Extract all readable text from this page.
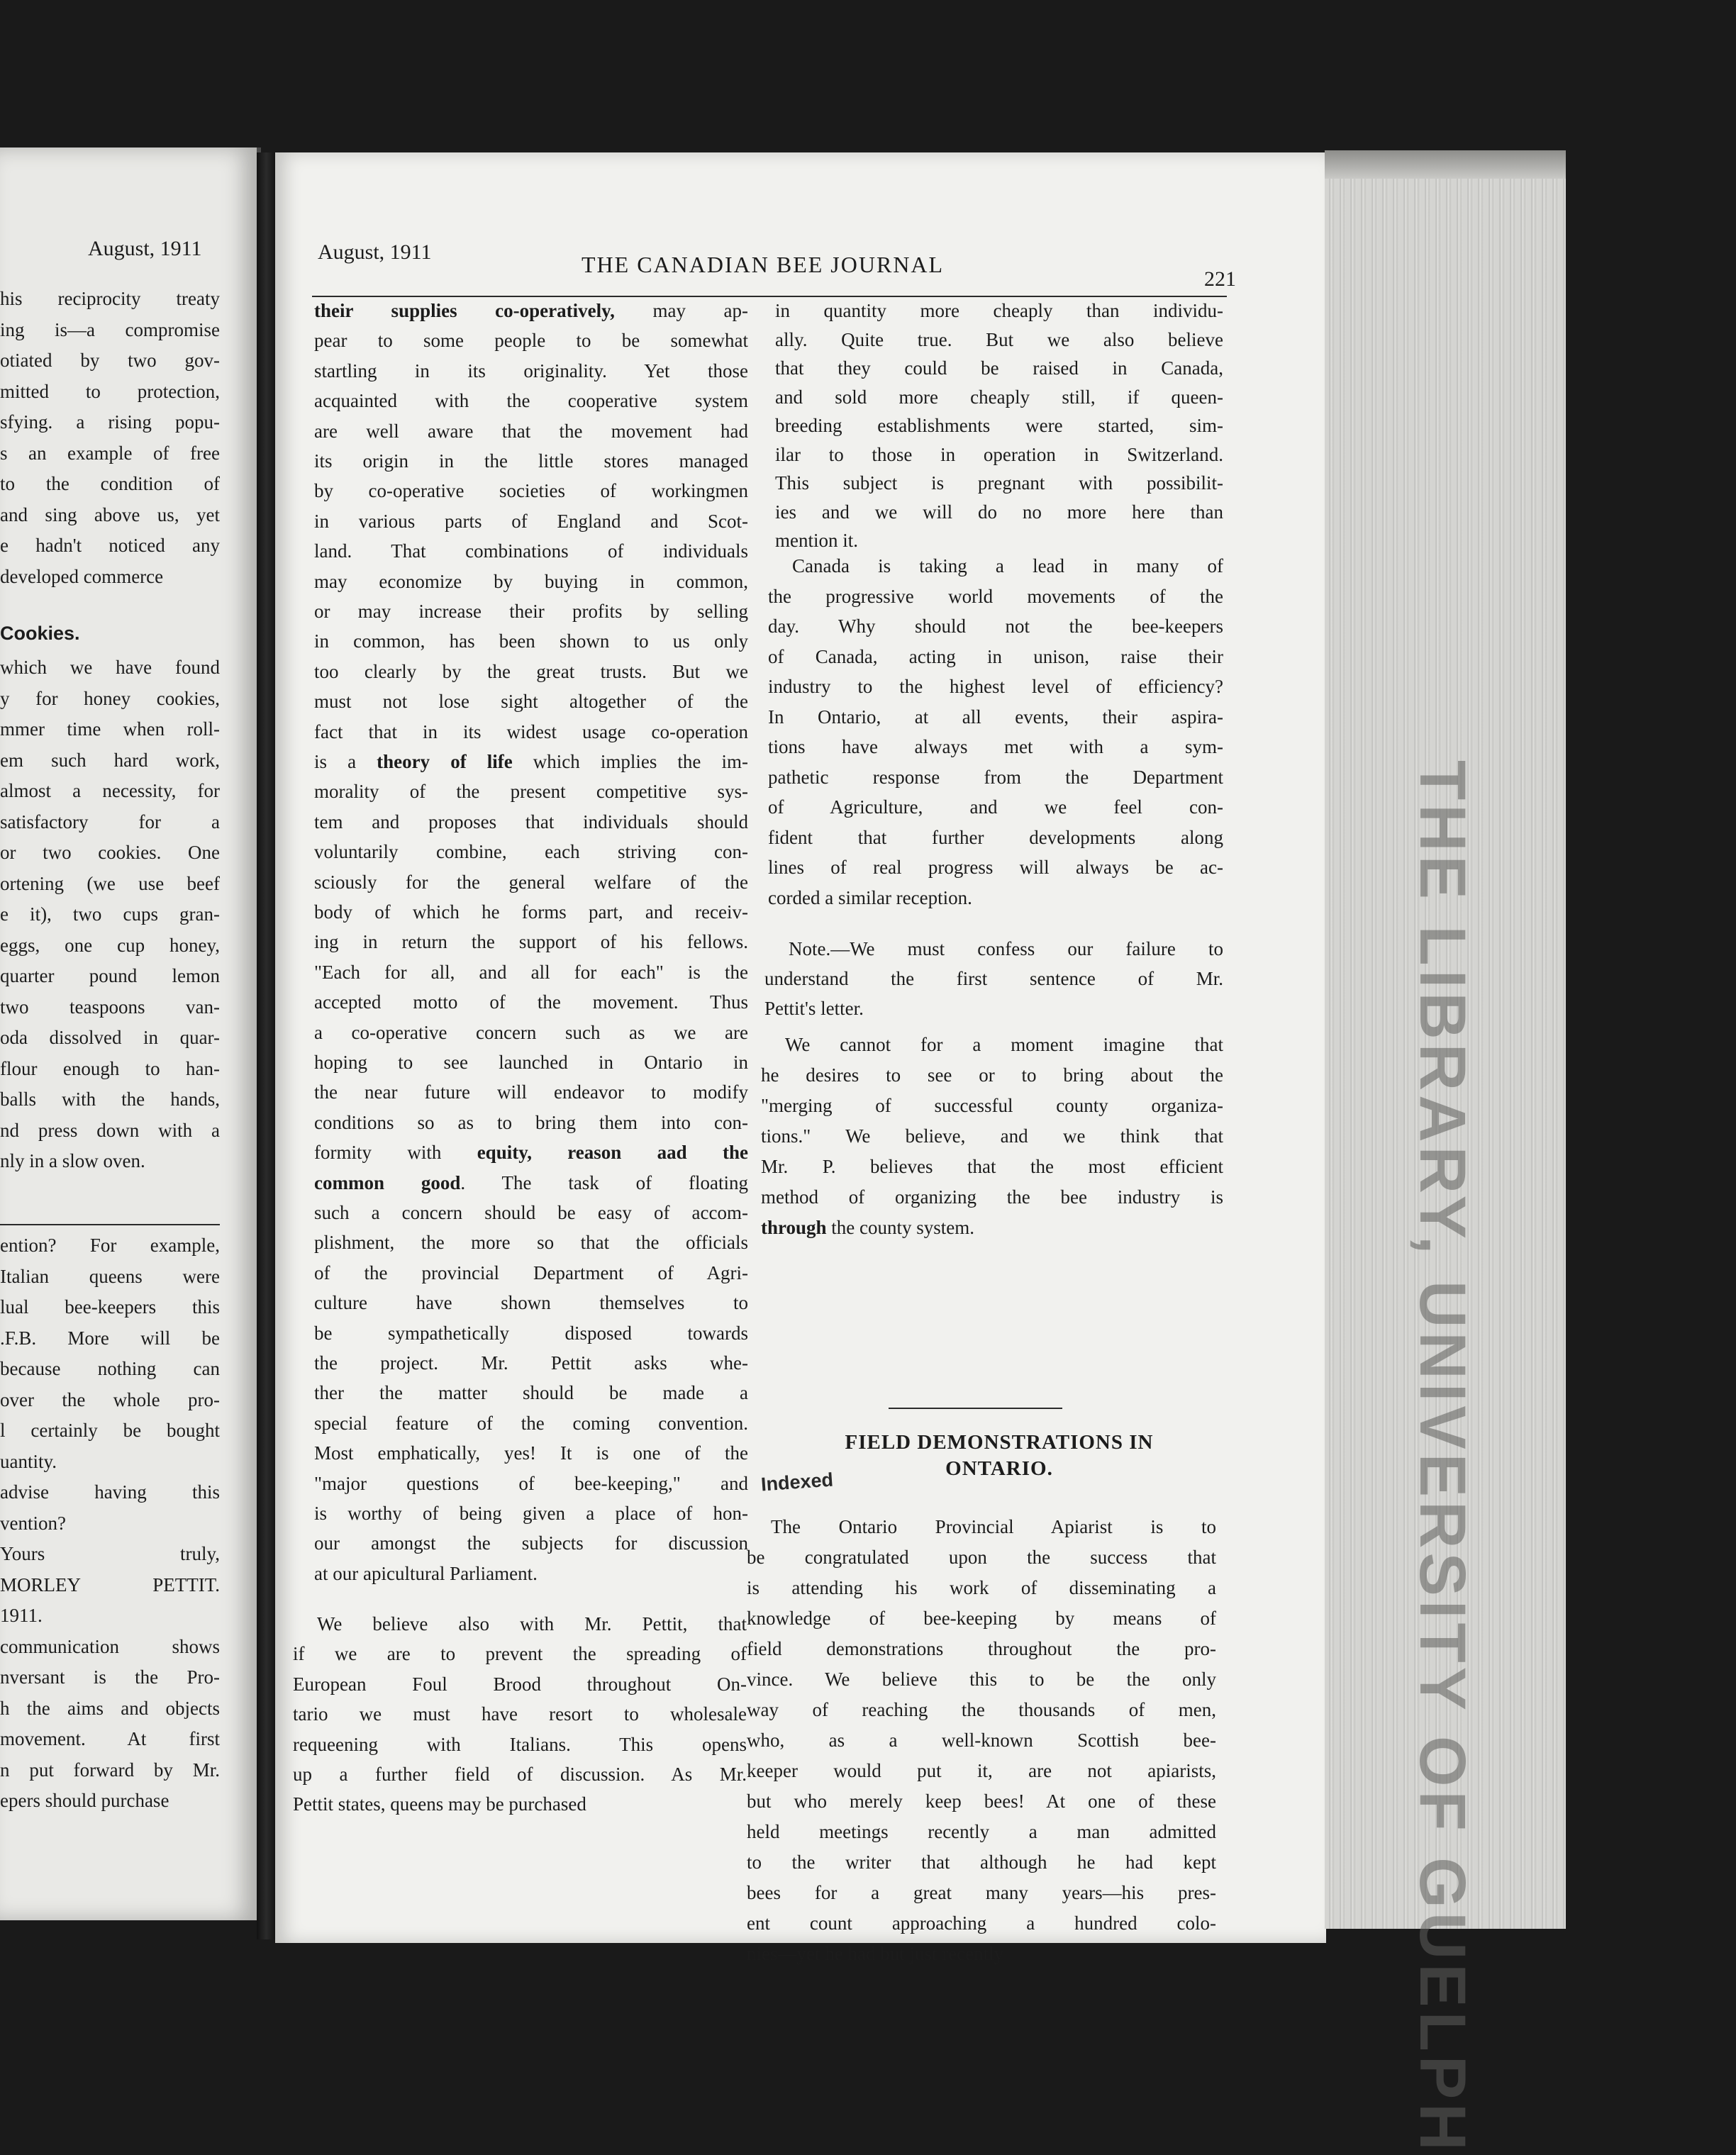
August, 1911
his reciprocity treaty
ing is—a compromise
otiated by two gov-
mitted to protection,
sfying. a rising popu-
s an example of free
to the condition of
and sing above us, yet
e hadn't noticed any
developed commerce
Cookies.
which we have found
y for honey cookies,
mmer time when roll-
em such hard work,
almost a necessity, for
satisfactory for a
or two cookies. One
ortening (we use beef
e it), two cups gran-
eggs, one cup honey,
quarter pound lemon
two teaspoons van-
oda dissolved in quar-
flour enough to han-
balls with the hands,
nd press down with a
nly in a slow oven.
ention? For example,
Italian queens were
lual bee-keepers this
.F.B. More will be
because nothing can
over the whole pro-
l certainly be bought
uantity.
advise having this
vention?
Yours truly,
MORLEY PETTIT.
1911.
communication shows
nversant is the Pro-
h the aims and objects
movement. At first
n put forward by Mr.
epers should purchase
August, 1911	THE CANADIAN BEE JOURNAL
221
their supplies co-operatively, may ap-
pear to some people to be somewhat
startling in its originality. Yet those
acquainted with the cooperative system
are well aware that the movement had
its origin in the little stores managed
by co-operative societies of workingmen
in various parts of England and Scot-
land. That combinations of individuals
may economize by buying in common,
or may increase their profits by selling
in common, has been shown to us only
too clearly by the great trusts. But we
must not lose sight altogether of the
fact that in its widest usage co-operation
is a theory of life which implies the im-
morality of the present competitive sys-
tem and proposes that individuals should
voluntarily combine, each striving con-
sciously for the general welfare of the
body of which he forms part, and receiv-
ing in return the support of his fellows.
"Each for all, and all for each" is the
accepted motto of the movement. Thus
a co-operative concern such as we are
hoping to see launched in Ontario in
the near future will endeavor to modify
conditions so as to bring them into con-
formity with equity, reason aad the
common good. The task of floating
such a concern should be easy of accom-
plishment, the more so that the officials
of the provincial Department of Agri-
culture have shown themselves to
be sympathetically disposed towards
the project. Mr. Pettit asks whe-
ther the matter should be made a
special feature of the coming convention.
Most emphatically, yes! It is one of the
"major questions of bee-keeping," and
is worthy of being given a place of hon-
our amongst the subjects for discussion
at our apicultural Parliament.
We believe also with Mr. Pettit, that
if we are to prevent the spreading of
European Foul Brood throughout On-
tario we must have resort to wholesale
requeening with Italians. This opens
up a further field of discussion. As Mr.
Pettit states, queens may be purchased
in quantity more cheaply than individu-
ally. Quite true. But we also believe
that they could be raised in Canada,
and sold more cheaply still, if queen-
breeding establishments were started, sim-
ilar to those in operation in Switzerland.
This subject is pregnant with possibilit-
ies and we will do no more here than
mention it.
Canada is taking a lead in many of
the progressive world movements of the
day. Why should not the bee-keepers
of Canada, acting in unison, raise their
industry to the highest level of efficiency?
In Ontario, at all events, their aspira-
tions have always met with a sym-
pathetic response from the Department
of Agriculture, and we feel con-
fident that further developments along
lines of real progress will always be ac-
corded a similar reception.
Note.—We must confess our failure to
understand the first sentence of Mr.
Pettit's letter.
We cannot for a moment imagine that
he desires to see or to bring about the
"merging of successful county organiza-
tions." We believe, and we think that
Mr. P. believes that the most efficient
method of organizing the bee industry is
through the county system.
FIELD DEMONSTRATIONS IN
ONTARIO.
Indexed
The Ontario Provincial Apiarist is to
be congratulated upon the success that
is attending his work of disseminating a
knowledge of bee-keeping by means of
field demonstrations throughout the pro-
vince. We believe this to be the only
way of reaching the thousands of men,
who, as a well-known Scottish bee-
keeper would put it, are not apiarists,
but who merely keep bees! At one of these
held meetings recently a man admitted
to the writer that although he had kept
bees for a great many years—his pres-
ent count approaching a hundred colo-
nies—yet he had but just recently	THE LIBRARY, UNIVERSITY OF GUELPH
